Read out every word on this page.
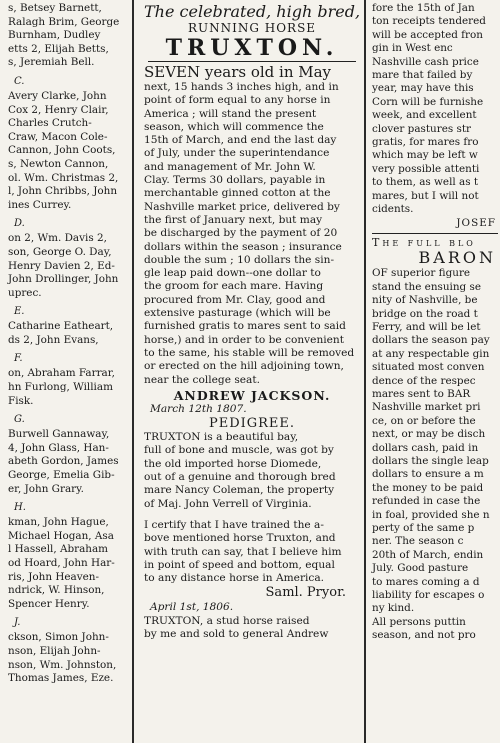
s, Betsey Barnett,
Ralagh Brim, George
Burnham, Dudley
etts 2, Elijah Betts,
s, Jeremiah Bell.
C.
Avery Clarke, John
Cox 2, Henry Clair,
Charles Crutch-
Craw, Macon Cole-
Cannon, John Coots,
s, Newton Cannon,
ol. Wm. Christmas 2,
l, John Chribbs, John
ines Currey.
D.
on 2, Wm. Davis 2,
son, George O. Day,
Henry Davien 2, Ed-
John Drollinger, John
uprec.
E.
Catharine Eatheart,
ds 2, John Evans,
F.
on, Abraham Farrar,
hn Furlong, William
Fisk.
G.
Burwell Gannaway,
4, John Glass, Han-
abeth Gordon, James
George, Emelia Gib-
er, John Grary.
H.
kman, John Hague,
Michael Hogan, Asa
l Hassell, Abraham
od Hoard, John Har-
ris, John Heaven-
ndrick, W. Hinson,
Spencer Henry.
J.
ckson, Simon John-
nson, Elijah John-
nson, Wm. Johnston,
Thomas James, Eze.
The celebrated, high bred,
RUNNING HORSE
TRUXTON.
SEVEN years old in May
next, 15 hands 3 inches high, and in
point of form equal to any horse in
America ; will stand the present
season, which will commence the
15th of March, and end the last day
of July, under the superintendance
and management of Mr. John W.
Clay. Terms 30 dollars, payable in
merchantable ginned cotton at the
Nashville market price, delivered by
the first of January next, but may
be discharged by the payment of 20
dollars within the season ; insurance
double the sum ; 10 dollars the sin-
gle leap paid down--one dollar to
the groom for each mare. Having
procured from Mr. Clay, good and
extensive pasturage (which will be
furnished gratis to mares sent to said
horse,) and in order to be convenient
to the same, his stable will be removed
or erected on the hill adjoining town,
near the college seat.
ANDREW JACKSON.
March 12th 1807.
PEDIGREE.
TRUXTON is a beautiful bay,
full of bone and muscle, was got by
the old imported horse Diomede,
out of a genuine and thorough bred
mare Nancy Coleman, the property
of Maj. John Verrell of Virginia.
I certify that I have trained the a-
bove mentioned horse Truxton, and
with truth can say, that I believe him
in point of speed and bottom, equal
to any distance horse in America.
Saml. Pryor.
April 1st, 1806.
TRUXTON, a stud horse raised
by me and sold to general Andrew
fore the 15th of Jan
ton receipts tendered
will be accepted fron
gin in West enc
Nashville cash price
mare that failed by
year, may have this
Corn will be furnishe
week, and excellent
clover pastures str
gratis, for mares fro
which may be left w
very possible attenti
to them, as well as t
mares, but I will not
cidents.
JOSEF
The full blo
BARON
OF superior figure
stand the ensuing se
nity of Nashville, be
bridge on the road t
Ferry, and will be let
dollars the season pay
at any respectable gin
situated most conven
dence of the respec
mares sent to BAR
Nashville market pri
ce, on or before the
next, or may be disch
dollars cash, paid in
dollars the single leap
dollars to ensure a m
the money to be paid
refunded in case the
in foal, provided she n
perty of the same p
ner. The season c
20th of March, endin
July. Good pasture
to mares coming a d
liability for escapes o
ny kind.
All persons puttin
season, and not pro
